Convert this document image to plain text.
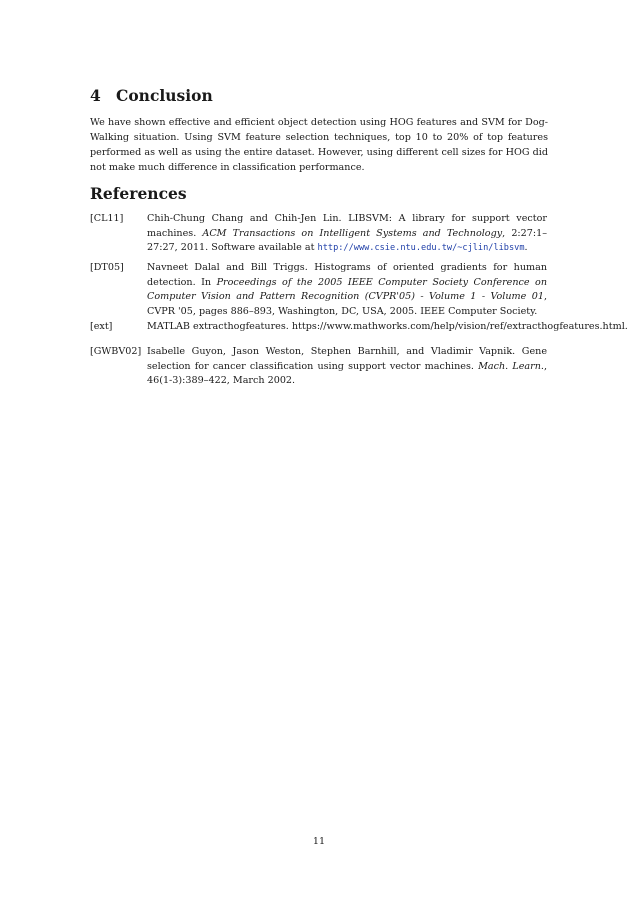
4 Conclusion

We have shown effective and efficient object detection using HOG features and SVM for Dog-Walking situation. Using SVM feature selection techniques, top 10 to 20% of top features performed as well as using the entire dataset. However, using different cell sizes for HOG did not make much difference in classification performance.

References
[CL11] Chih-Chung Chang and Chih-Jen Lin. LIBSVM: A library for support vector machines. ACM Transactions on Intelligent Systems and Technology, 2:27:1–27:27, 2011. Software available at http://www.csie.ntu.edu.tw/~cjlin/libsvm.
[DT05] Navneet Dalal and Bill Triggs. Histograms of oriented gradients for human detection. In Proceedings of the 2005 IEEE Computer Society Conference on Computer Vision and Pattern Recognition (CVPR'05) - Volume 1 - Volume 01, CVPR '05, pages 886–893, Washington, DC, USA, 2005. IEEE Computer Society.
[ext]	MATLAB extracthogfeatures. https://www.mathworks.com/help/vision/ref/extracthogfeatures.html.
[GWBV02] Isabelle Guyon, Jason Weston, Stephen Barnhill, and Vladimir Vapnik. Gene selection for cancer classification using support vector machines. Mach. Learn., 46(1-3):389–422, March 2002.
11
